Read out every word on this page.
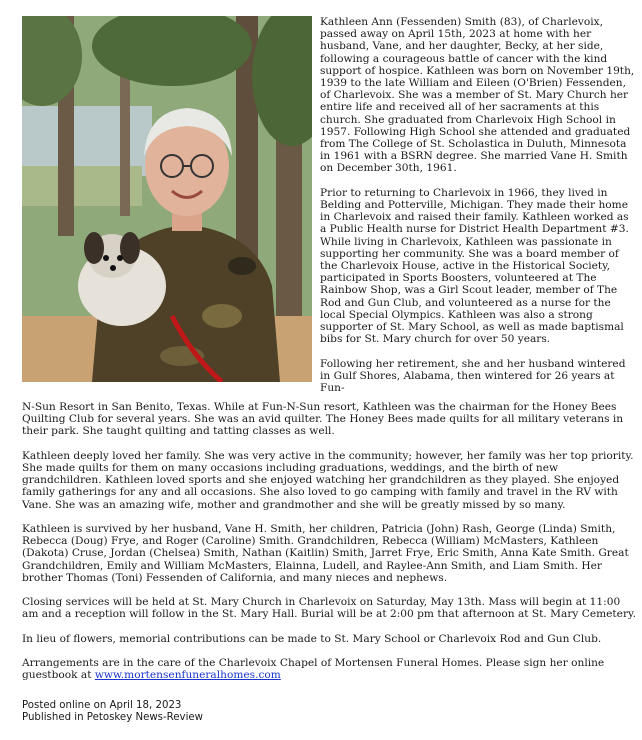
Kathleen Ann (Fessenden) Smith (83), of Charlevoix, passed away on April 15th, 2023 at home with her husband, Vane, and her daughter, Becky, at her side, following a courageous battle of cancer with the kind support of hospice. Kathleen was born on November 19th, 1939 to the late William and Eileen (O'Brien) Fessenden, of Charlevoix. She was a member of St. Mary Church her entire life and received all of her sacraments at this church. She graduated from Charlevoix High School in 1957. Following High School she attended and graduated from The College of St. Scholastica in Duluth, Minnesota in 1961 with a BSRN degree. She married Vane H. Smith on December 30th, 1961.

Prior to returning to Charlevoix in 1966, they lived in Belding and Potterville, Michigan. They made their home in Charlevoix and raised their family. Kathleen worked as a Public Health nurse for District Health Department #3. While living in Charlevoix, Kathleen was passionate in supporting her community. She was a board member of the Charlevoix House, active in the Historical Society, participated in Sports Boosters, volunteered at The Rainbow Shop, was a Girl Scout leader, member of The Rod and Gun Club, and volunteered as a nurse for the local Special Olympics. Kathleen was also a strong supporter of St. Mary School, as well as made baptismal bibs for St. Mary church for over 50 years.

Following her retirement, she and her husband wintered in Gulf Shores, Alabama, then wintered for 26 years at Fun-

N-Sun Resort in San Benito, Texas. While at Fun-N-Sun resort, Kathleen was the chairman for the Honey Bees Quilting Club for several years. She was an avid quilter. The Honey Bees made quilts for all military veterans in their park. She taught quilting and tatting classes as well.

Kathleen deeply loved her family. She was very active in the community; however, her family was her top priority. She made quilts for them on many occasions including graduations, weddings, and the birth of new grandchildren. Kathleen loved sports and she enjoyed watching her grandchildren as they played. She enjoyed family gatherings for any and all occasions. She also loved to go camping with family and travel in the RV with Vane. She was an amazing wife, mother and grandmother and she will be greatly missed by so many.

Kathleen is survived by her husband, Vane H. Smith, her children, Patricia (John) Rash, George (Linda) Smith, Rebecca (Doug) Frye, and Roger (Caroline) Smith. Grandchildren, Rebecca (William) McMasters, Kathleen (Dakota) Cruse, Jordan (Chelsea) Smith, Nathan (Kaitlin) Smith, Jarret Frye, Eric Smith, Anna Kate Smith. Great Grandchildren, Emily and William McMasters, Elainna, Ludell, and Raylee-Ann Smith, and Liam Smith. Her brother Thomas (Toni) Fessenden of California, and many nieces and nephews.

Closing services will be held at St. Mary Church in Charlevoix on Saturday, May 13th. Mass will begin at 11:00 am and a reception will follow in the St. Mary Hall. Burial will be at 2:00 pm that afternoon at St. Mary Cemetery.

In lieu of flowers, memorial contributions can be made to St. Mary School or Charlevoix Rod and Gun Club.

Arrangements are in the care of the Charlevoix Chapel of Mortensen Funeral Homes. Please sign her online guestbook at www.mortensenfuneralhomes.com

Posted online on April 18, 2023
Published in Petoskey News-Review
